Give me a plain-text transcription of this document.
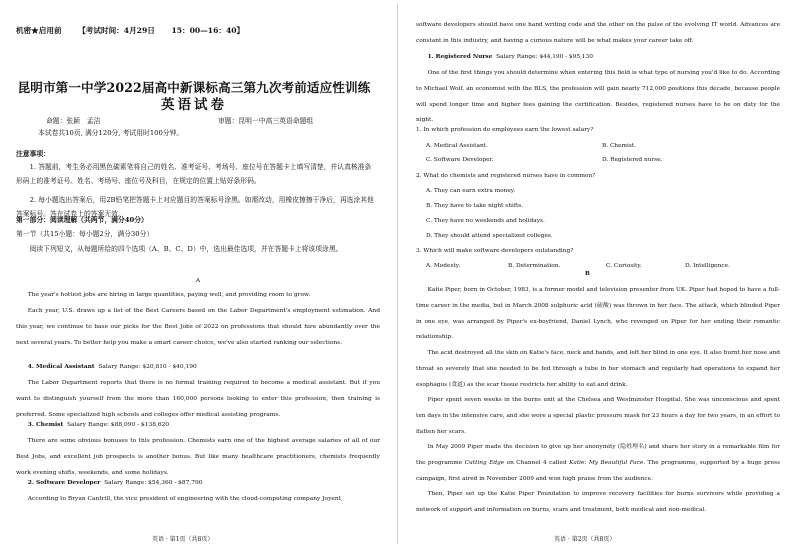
机密★启用前 【考试时间：4月29日 15：00—16：40】
昆明市第一中学2022届高中新课标高三第九次考前适应性训练
英语试卷
命题：张颖　孟洁	审题：昆明一中高三英语命题组
本试卷共10页, 满分120分, 考试用时100分钟。
注意事项：
1. 答题前，考生务必用黑色碳素笔将自己的姓名、准考证号、考场号、座位号在答题卡上填写清楚，并认真核准条形码上的准考证号、姓名、考场号、座位号及科目，在规定的位置上贴好条形码。
2. 每小题选出答案后，用2B铅笔把答题卡上对应题目的答案标号涂黑。如需改动，用橡皮擦擦干净后，再选涂其他答案标号。答在试卷上的答案无效。
第一部分：阅读理解（共两节，满分40分）
第一节（共15小题：每小题2分，满分30分）
阅读下列短文，从每题所给的四个选项（A、B、C、D）中，选出最佳选项，并在答题卡上将该项涂黑。

A

The year's hottest jobs are hiring in large quantities, paying well, and providing room to grow.

Each year, U.S. draws up a list of the Best Careers based on the Labor Department's employment estimation. And this year, we continue to base our picks for the Best Jobs of 2022 on professions that should hire abundantly over the next several years. To better help you make a smart career choice, we've also started ranking our selections.

4. Medical Assistant Salary Range: $20,810 - $40,190

The Labor Department reports that there is no formal training required to become a medical assistant. But if you want to distinguish yourself from the more than 160,000 persons looking to enter this profession, then training is preferred. Some specialized high schools and colleges offer medical assisting programs.

3. Chemist Salary Range: $88,090 - $138,620

There are some obvious bonuses to this profession. Chemists earn one of the highest average salaries of all of our Best Jobs, and excellent job prospects is another bonus. But like many healthcare practitioners, chemists frequently work evening shifts, weekends, and some holidays.

2. Software Developer Salary Range: $54,360 - $87,790

According to Bryan Cantrill, the vice president of engineering with the cloud-computing company Joyent,

英语 · 第1页（共8页）

software developers should have one hand writing code and the other on the pulse of the evolving IT world. Advances are constant in this industry, and having a curious nature will be what makes your career take off.

1. Registered Nurse Salary Range: $44,190 - $95,130

One of the first things you should determine when entering this field is what type of nursing you'd like to do. According to Michael Wolf, an economist with the BLS, the profession will gain nearly 712,000 positions this decade, because people will spend longer time and higher fees gaining the certification. Besides, registered nurses have to be on duty for the night.

1. In which profession do employees earn the lowest salary?
A. Medical Assistant.	B. Chemist.
C. Software Developer.	D. Registered nurse.
2. What do chemists and registered nurses have in common?
A. They can earn extra money.
B. They have to take night shifts.
C. They have no weekends and holidays.
D. They should attend specialized colleges.
3. Which will make software developers outstanding?
A. Modesty.	B. Determination.	C. Curiosity.	D. Intelligence.
B

Katie Piper, born in October, 1983, is a former model and television presenter from UK. Piper had hoped to have a full-time career in the media, but in March 2008 sulphuric acid (硫酸) was thrown in her face. The attack, which blinded Piper in one eye, was arranged by Piper's ex-boyfriend, Daniel Lynch, who revenged on Piper for her ending their romantic relationship.

The acid destroyed all the skin on Katie's face, neck and hands, and left her blind in one eye. It also burnt her nose and throat so severely that she needed to be fed through a tube in her stomach and regularly had operations to expand her esophagus (食道) as the scar tissue restricts her ability to eat and drink.

Piper spent seven weeks in the burns unit at the Chelsea and Westminster Hospital. She was unconscious and spent ten days in the intensive care, and she wore a special plastic pressure mask for 23 hours a day for two years, in an effort to flatten her scars.

In May 2009 Piper made the decision to give up her anonymity (隐姓埋名) and share her story in a remarkable film for the programme Cutting Edge on Channel 4 called Katie: My Beautiful Face. The programme, supported by a huge press campaign, first aired in November 2009 and won high praise from the audience.

Then, Piper set up the Katie Piper Foundation to improve recovery facilities for burns survivors while providing a network of support and information on burns, scars and treatment, both medical and non-medical.

英语 · 第2页（共8页）
